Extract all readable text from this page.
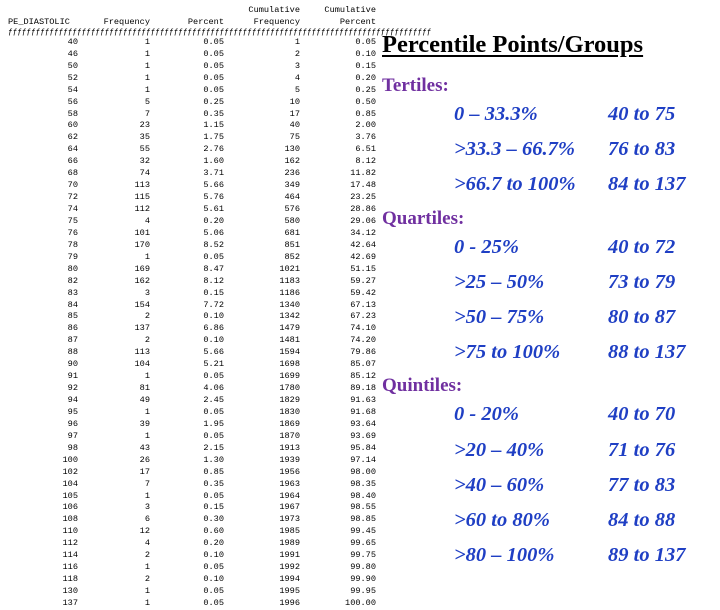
Cumulative	Cumulative
PE_DIASTOLIC	Frequency	Percent	Frequency	Percent
ƒƒƒƒƒƒƒƒƒƒƒƒƒƒƒƒƒƒƒƒƒƒƒƒƒƒƒƒƒƒƒƒƒƒƒƒƒƒƒƒƒƒƒƒƒƒƒƒƒƒƒƒƒƒƒƒƒƒƒƒƒƒƒƒƒƒƒƒƒƒƒƒƒƒƒƒƒƒƒƒƒƒƒƒƒƒƒƒƒƒƒƒ
40	1	0.05	1	0.05
46	1	0.05	2	0.10
50	1	0.05	3	0.15
52	1	0.05	4	0.20
54	1	0.05	5	0.25
56	5	0.25	10	0.50
58	7	0.35	17	0.85
60	23	1.15	40	2.00
62	35	1.75	75	3.76
64	55	2.76	130	6.51
66	32	1.60	162	8.12
68	74	3.71	236	11.82
70	113	5.66	349	17.48
72	115	5.76	464	23.25
74	112	5.61	576	28.86
75	4	0.20	580	29.06
76	101	5.06	681	34.12
78	170	8.52	851	42.64
79	1	0.05	852	42.69
80	169	8.47	1021	51.15
82	162	8.12	1183	59.27
83	3	0.15	1186	59.42
84	154	7.72	1340	67.13
85	2	0.10	1342	67.23
86	137	6.86	1479	74.10
87	2	0.10	1481	74.20
88	113	5.66	1594	79.86
90	104	5.21	1698	85.07
91	1	0.05	1699	85.12
92	81	4.06	1780	89.18
94	49	2.45	1829	91.63
95	1	0.05	1830	91.68
96	39	1.95	1869	93.64
97	1	0.05	1870	93.69
98	43	2.15	1913	95.84
100	26	1.30	1939	97.14
102	17	0.85	1956	98.00
104	7	0.35	1963	98.35
105	1	0.05	1964	98.40
106	3	0.15	1967	98.55
108	6	0.30	1973	98.85
110	12	0.60	1985	99.45
112	4	0.20	1989	99.65
114	2	0.10	1991	99.75
116	1	0.05	1992	99.80
118	2	0.10	1994	99.90
130	1	0.05	1995	99.95
137	1	0.05	1996	100.00
Percentile Points/Groups
Tertiles:
0 – 33.3%	40 to 75
>33.3 – 66.7% 76 to 83
>66.7 to 100% 84 to 137
Quartiles:
0 - 25%	40 to 72
>25 – 50%	73 to 79
>50 – 75%	80 to 87
>75 to 100% 88 to 137
Quintiles:
0 - 20%	40 to 70
>20 – 40%	71 to 76
>40 – 60%	77 to 83
>60 to 80%	84 to 88
>80 – 100%	89 to 137
